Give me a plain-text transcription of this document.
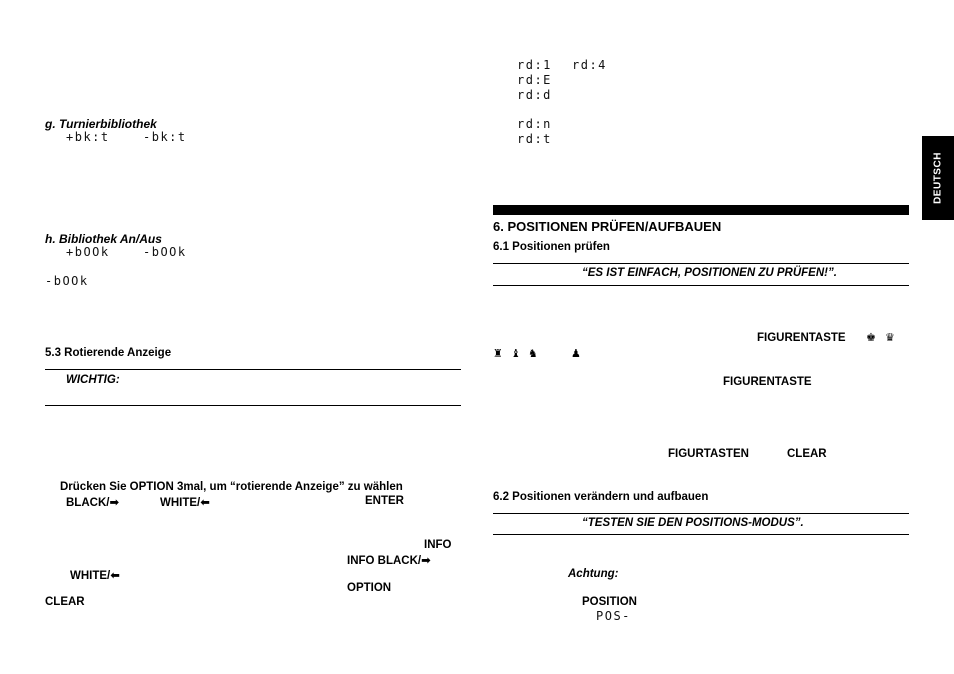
g. Turnierbibliothek
+bk:t	-bk:t
h. Bibliothek An/Aus
+bOOk	-bOOk
-bOOk
5.3 Rotierende Anzeige
WICHTIG:
Drücken Sie OPTION 3mal, um “rotierende Anzeige” zu wählen
BLACK/➡	WHITE/⬅	ENTER
INFO
INFO BLACK/➡
WHITE/⬅
OPTION
CLEAR
rd:1 rd:4
rd:E
rd:d
rd:n
rd:t
6. POSITIONEN PRÜFEN/AUFBAUEN
6.1 Positionen prüfen
“ES IST EINFACH, POSITIONEN ZU PRÜFEN!”.
FIGURENTASTE ♚ ♛
♜ ♝ ♞	♟
FIGURENTASTE
FIGURTASTEN	CLEAR
6.2 Positionen verändern und aufbauen
“TESTEN SIE DEN POSITIONS-MODUS”.
Achtung:
POSITION
POS-
DEUTSCH
